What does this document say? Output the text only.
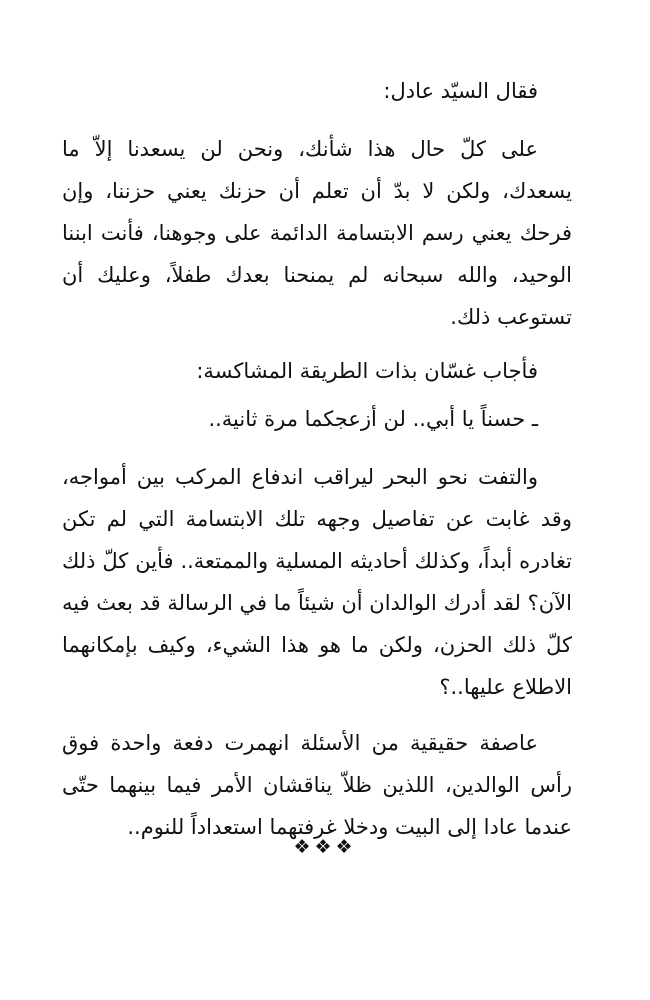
فقال السيّد عادل:

على كلّ حال هذا شأنك، ونحن لن يسعدنا إلاّ ما يسعدك، ولكن لا بدّ أن تعلم أن حزنك يعني حزننا، وإن فرحك يعني رسم الابتسامة الدائمة على وجوهنا، فأنت ابننا الوحيد، والله سبحانه لم يمنحنا بعدك طفلاً، وعليك أن تستوعب ذلك.

فأجاب غسّان بذات الطريقة المشاكسة:

ـ حسناً يا أبي.. لن أزعجكما مرة ثانية..

والتفت نحو البحر ليراقب اندفاع المركب بين أمواجه، وقد غابت عن تفاصيل وجهه تلك الابتسامة التي لم تكن تغادره أبداً، وكذلك أحاديثه المسلية والممتعة.. فأين كلّ ذلك الآن؟ لقد أدرك الوالدان أن شيئاً ما في الرسالة قد بعث فيه كلّ ذلك الحزن، ولكن ما هو هذا الشيء، وكيف بإمكانهما الاطلاع عليها..؟

عاصفة حقيقية من الأسئلة انهمرت دفعة واحدة فوق رأس الوالدين، اللذين ظلاّ يناقشان الأمر فيما بينهما حتّى عندما عادا إلى البيت ودخلا غرفتهما استعداداً للنوم..

❖❖❖
